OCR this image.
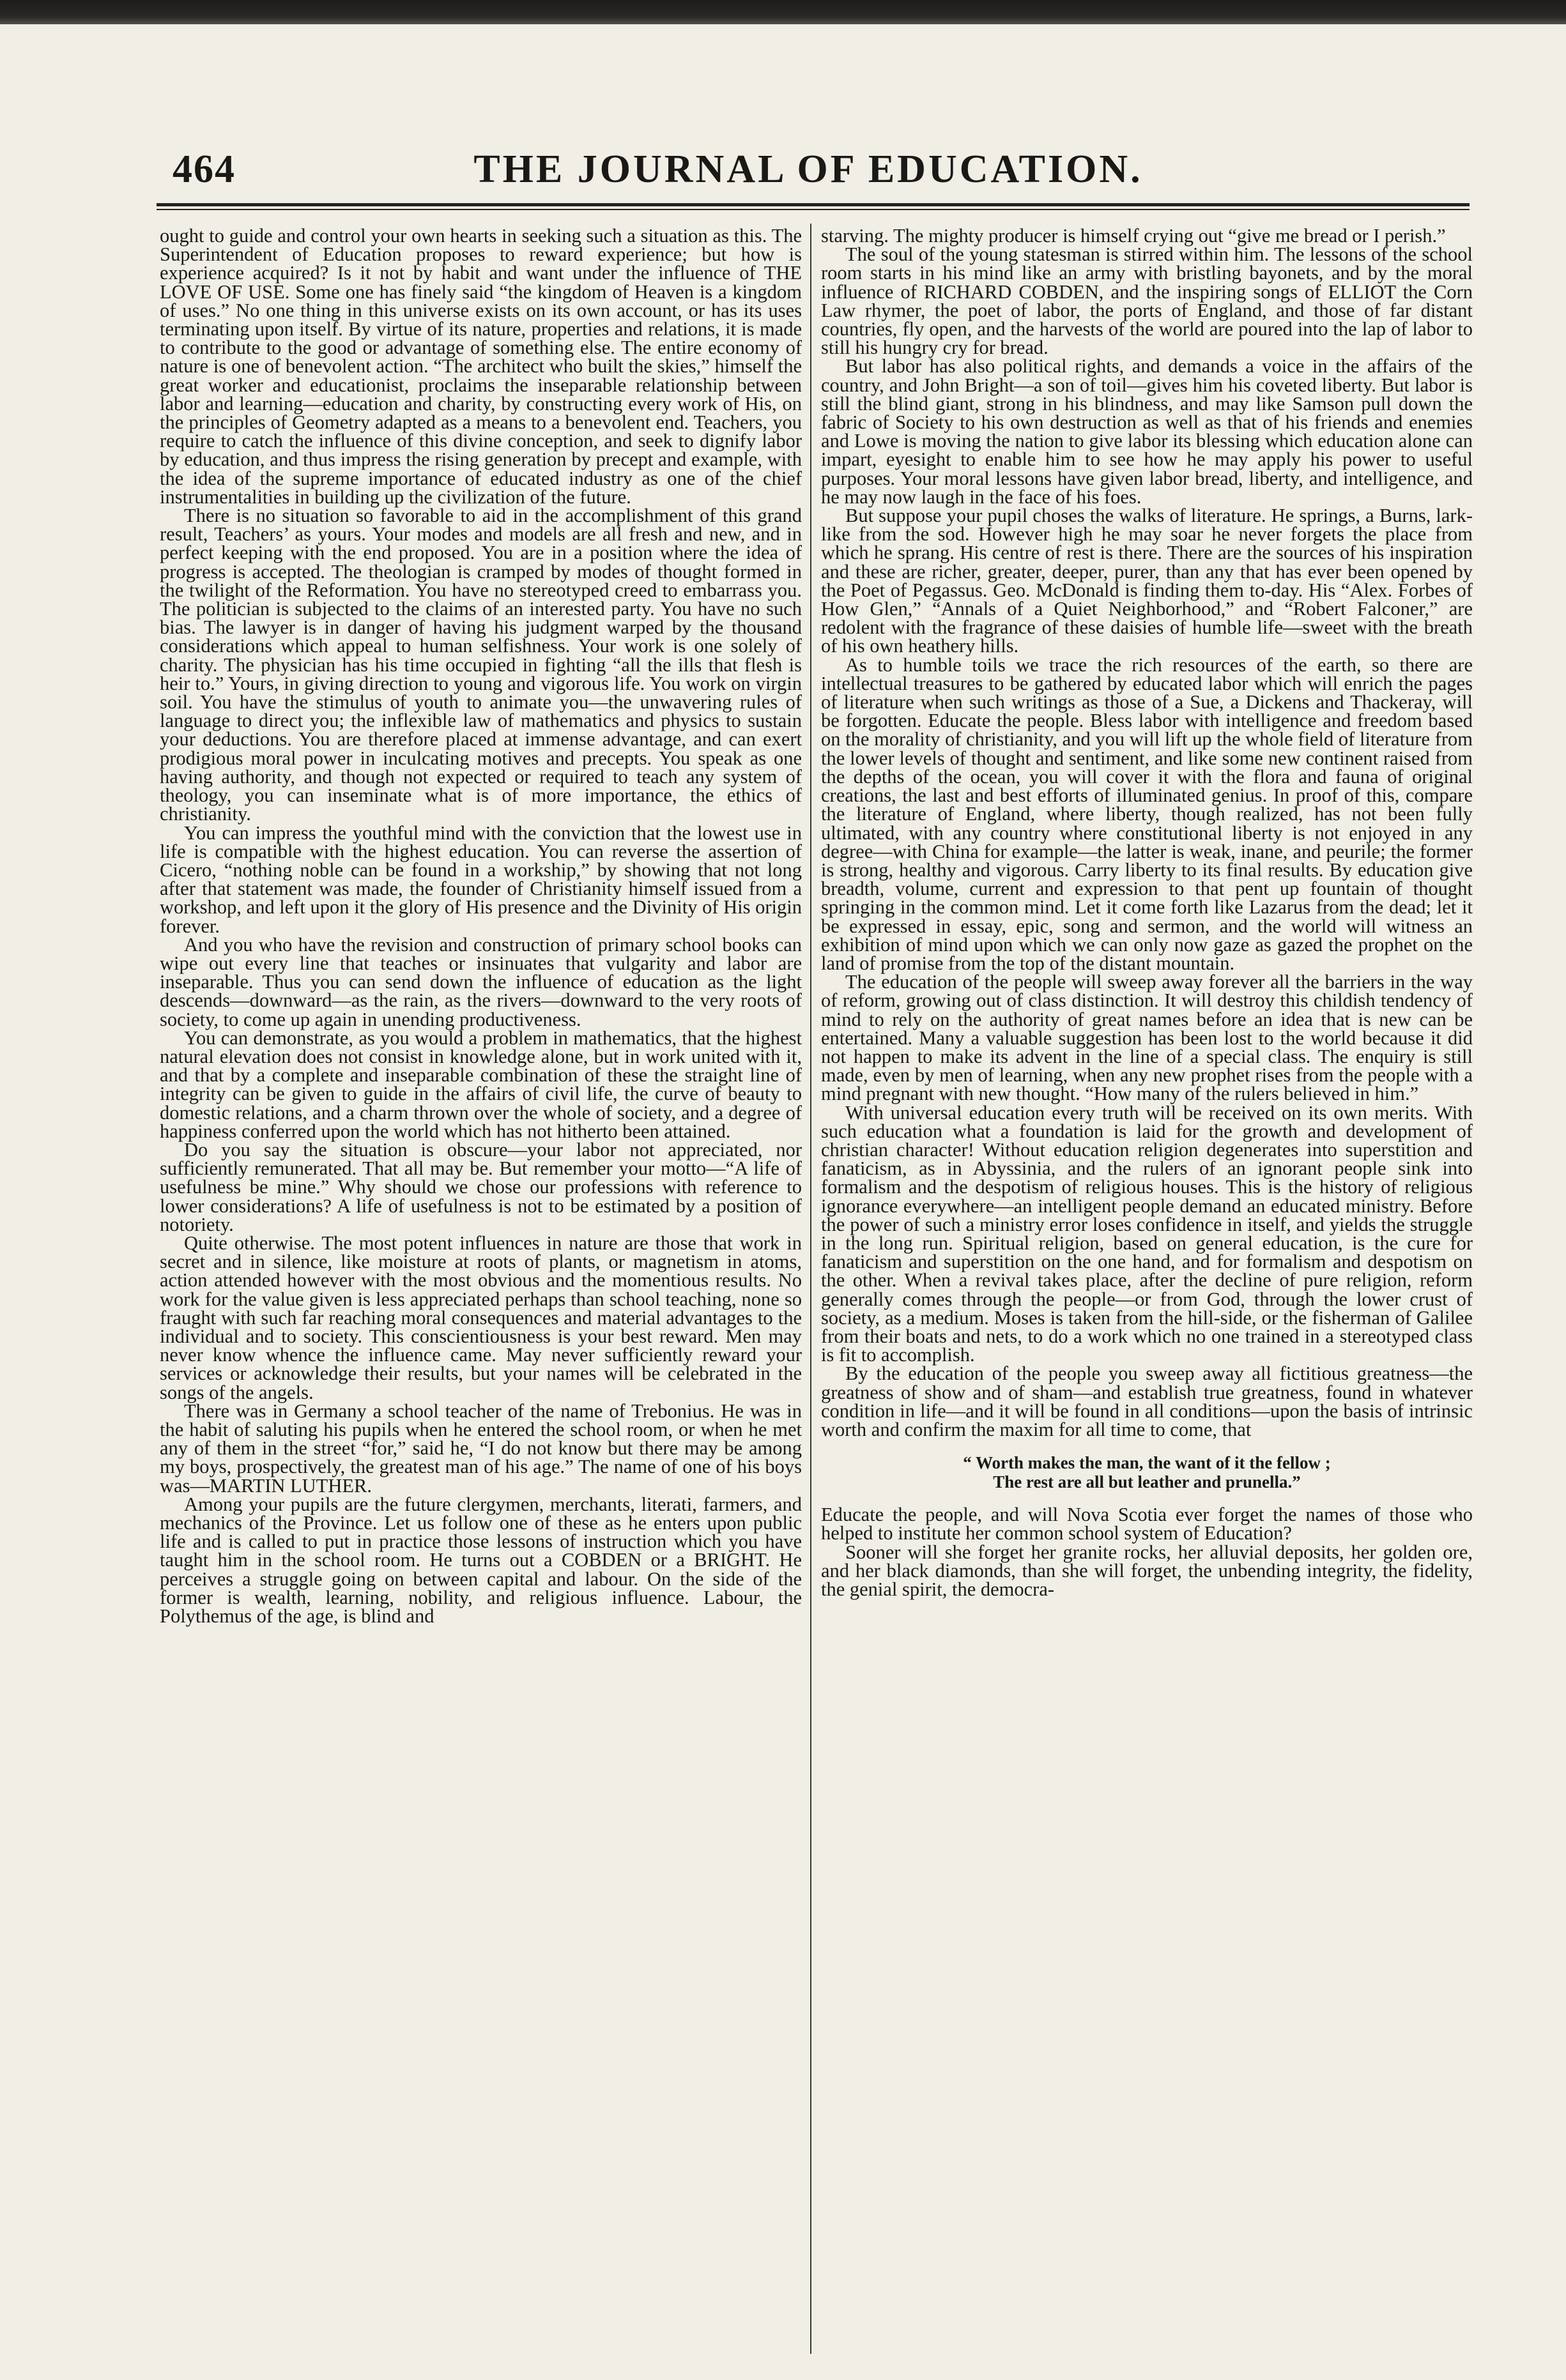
464	THE JOURNAL OF EDUCATION.

ought to guide and control your own hearts in seeking such a situation as this. The Superintendent of Education proposes to reward experience; but how is experience acquired? Is it not by habit and want under the influence of THE LOVE OF USE. Some one has finely said “the kingdom of Heaven is a kingdom of uses.” No one thing in this universe exists on its own account, or has its uses terminating upon itself. By virtue of its nature, properties and relations, it is made to contribute to the good or advantage of something else. The entire economy of nature is one of benevolent action. “The architect who built the skies,” himself the great worker and educationist, proclaims the inseparable relationship between labor and learning—education and charity, by constructing every work of His, on the principles of Geometry adapted as a means to a benevolent end. Teachers, you require to catch the influence of this divine conception, and seek to dignify labor by education, and thus impress the rising generation by precept and example, with the idea of the supreme importance of educated industry as one of the chief instrumentalities in building up the civilization of the future.

There is no situation so favorable to aid in the accomplishment of this grand result, Teachers’ as yours. Your modes and models are all fresh and new, and in perfect keeping with the end proposed. You are in a position where the idea of progress is accepted. The theologian is cramped by modes of thought formed in the twilight of the Reformation. You have no stereotyped creed to embarrass you. The politician is subjected to the claims of an interested party. You have no such bias. The lawyer is in danger of having his judgment warped by the thousand considerations which appeal to human selfishness. Your work is one solely of charity. The physician has his time occupied in fighting “all the ills that flesh is heir to.” Yours, in giving direction to young and vigorous life. You work on virgin soil. You have the stimulus of youth to animate you—the unwavering rules of language to direct you; the inflexible law of mathematics and physics to sustain your deductions. You are therefore placed at immense advantage, and can exert prodigious moral power in inculcating motives and precepts. You speak as one having authority, and though not expected or required to teach any system of theology, you can inseminate what is of more importance, the ethics of christianity.

You can impress the youthful mind with the conviction that the lowest use in life is compatible with the highest education. You can reverse the assertion of Cicero, “nothing noble can be found in a workship,” by showing that not long after that statement was made, the founder of Christianity himself issued from a workshop, and left upon it the glory of His presence and the Divinity of His origin forever.

And you who have the revision and construction of primary school books can wipe out every line that teaches or insinuates that vulgarity and labor are inseparable. Thus you can send down the influence of education as the light descends—downward—as the rain, as the rivers—downward to the very roots of society, to come up again in unending productiveness.

You can demonstrate, as you would a problem in mathematics, that the highest natural elevation does not consist in knowledge alone, but in work united with it, and that by a complete and inseparable combination of these the straight line of integrity can be given to guide in the affairs of civil life, the curve of beauty to domestic relations, and a charm thrown over the whole of society, and a degree of happiness conferred upon the world which has not hitherto been attained.

Do you say the situation is obscure—your labor not appreciated, nor sufficiently remunerated. That all may be. But remember your motto—“A life of usefulness be mine.” Why should we chose our professions with reference to lower considerations? A life of usefulness is not to be estimated by a position of notoriety.

Quite otherwise. The most potent influences in nature are those that work in secret and in silence, like moisture at roots of plants, or magnetism in atoms, action attended however with the most obvious and the momentious results. No work for the value given is less appreciated perhaps than school teaching, none so fraught with such far reaching moral consequences and material advantages to the individual and to society. This conscientiousness is your best reward. Men may never know whence the influence came. May never sufficiently reward your services or acknowledge their results, but your names will be celebrated in the songs of the angels.

There was in Germany a school teacher of the name of Trebonius. He was in the habit of saluting his pupils when he entered the school room, or when he met any of them in the street “for,” said he, “I do not know but there may be among my boys, prospectively, the greatest man of his age.” The name of one of his boys was—MARTIN LUTHER.

Among your pupils are the future clergymen, merchants, literati, farmers, and mechanics of the Province. Let us follow one of these as he enters upon public life and is called to put in practice those lessons of instruction which you have taught him in the school room. He turns out a COBDEN or a BRIGHT. He perceives a struggle going on between capital and labour. On the side of the former is wealth, learning, nobility, and religious influence. Labour, the Polythemus of the age, is blind and

starving. The mighty producer is himself crying out “give me bread or I perish.”

The soul of the young statesman is stirred within him. The lessons of the school room starts in his mind like an army with bristling bayonets, and by the moral influence of RICHARD COBDEN, and the inspiring songs of ELLIOT the Corn Law rhymer, the poet of labor, the ports of England, and those of far distant countries, fly open, and the harvests of the world are poured into the lap of labor to still his hungry cry for bread.

But labor has also political rights, and demands a voice in the affairs of the country, and John Bright—a son of toil—gives him his coveted liberty. But labor is still the blind giant, strong in his blindness, and may like Samson pull down the fabric of Society to his own destruction as well as that of his friends and enemies and Lowe is moving the nation to give labor its blessing which education alone can impart, eyesight to enable him to see how he may apply his power to useful purposes. Your moral lessons have given labor bread, liberty, and intelligence, and he may now laugh in the face of his foes.

But suppose your pupil choses the walks of literature. He springs, a Burns, lark-like from the sod. However high he may soar he never forgets the place from which he sprang. His centre of rest is there. There are the sources of his inspiration and these are richer, greater, deeper, purer, than any that has ever been opened by the Poet of Pegassus. Geo. McDonald is finding them to-day. His “Alex. Forbes of How Glen,” “Annals of a Quiet Neighborhood,” and “Robert Falconer,” are redolent with the fragrance of these daisies of humble life—sweet with the breath of his own heathery hills.

As to humble toils we trace the rich resources of the earth, so there are intellectual treasures to be gathered by educated labor which will enrich the pages of literature when such writings as those of a Sue, a Dickens and Thackeray, will be forgotten. Educate the people. Bless labor with intelligence and freedom based on the morality of christianity, and you will lift up the whole field of literature from the lower levels of thought and sentiment, and like some new continent raised from the depths of the ocean, you will cover it with the flora and fauna of original creations, the last and best efforts of illuminated genius. In proof of this, compare the literature of England, where liberty, though realized, has not been fully ultimated, with any country where constitutional liberty is not enjoyed in any degree—with China for example—the latter is weak, inane, and peurile; the former is strong, healthy and vigorous. Carry liberty to its final results. By education give breadth, volume, current and expression to that pent up fountain of thought springing in the common mind. Let it come forth like Lazarus from the dead; let it be expressed in essay, epic, song and sermon, and the world will witness an exhibition of mind upon which we can only now gaze as gazed the prophet on the land of promise from the top of the distant mountain.

The education of the people will sweep away forever all the barriers in the way of reform, growing out of class distinction. It will destroy this childish tendency of mind to rely on the authority of great names before an idea that is new can be entertained. Many a valuable suggestion has been lost to the world because it did not happen to make its advent in the line of a special class. The enquiry is still made, even by men of learning, when any new prophet rises from the people with a mind pregnant with new thought. “How many of the rulers believed in him.”

With universal education every truth will be received on its own merits. With such education what a foundation is laid for the growth and development of christian character! Without education religion degenerates into superstition and fanaticism, as in Abyssinia, and the rulers of an ignorant people sink into formalism and the despotism of religious houses. This is the history of religious ignorance everywhere—an intelligent people demand an educated ministry. Before the power of such a ministry error loses confidence in itself, and yields the struggle in the long run. Spiritual religion, based on general education, is the cure for fanaticism and superstition on the one hand, and for formalism and despotism on the other. When a revival takes place, after the decline of pure religion, reform generally comes through the people—or from God, through the lower crust of society, as a medium. Moses is taken from the hill-side, or the fisherman of Galilee from their boats and nets, to do a work which no one trained in a stereotyped class is fit to accomplish.

By the education of the people you sweep away all fictitious greatness—the greatness of show and of sham—and establish true greatness, found in whatever condition in life—and it will be found in all conditions—upon the basis of intrinsic worth and confirm the maxim for all time to come, that

“ Worth makes the man, the want of it the fellow ;
The rest are all but leather and prunella.”

Educate the people, and will Nova Scotia ever forget the names of those who helped to institute her common school system of Education?

Sooner will she forget her granite rocks, her alluvial deposits, her golden ore, and her black diamonds, than she will forget, the unbending integrity, the fidelity, the genial spirit, the democra-
